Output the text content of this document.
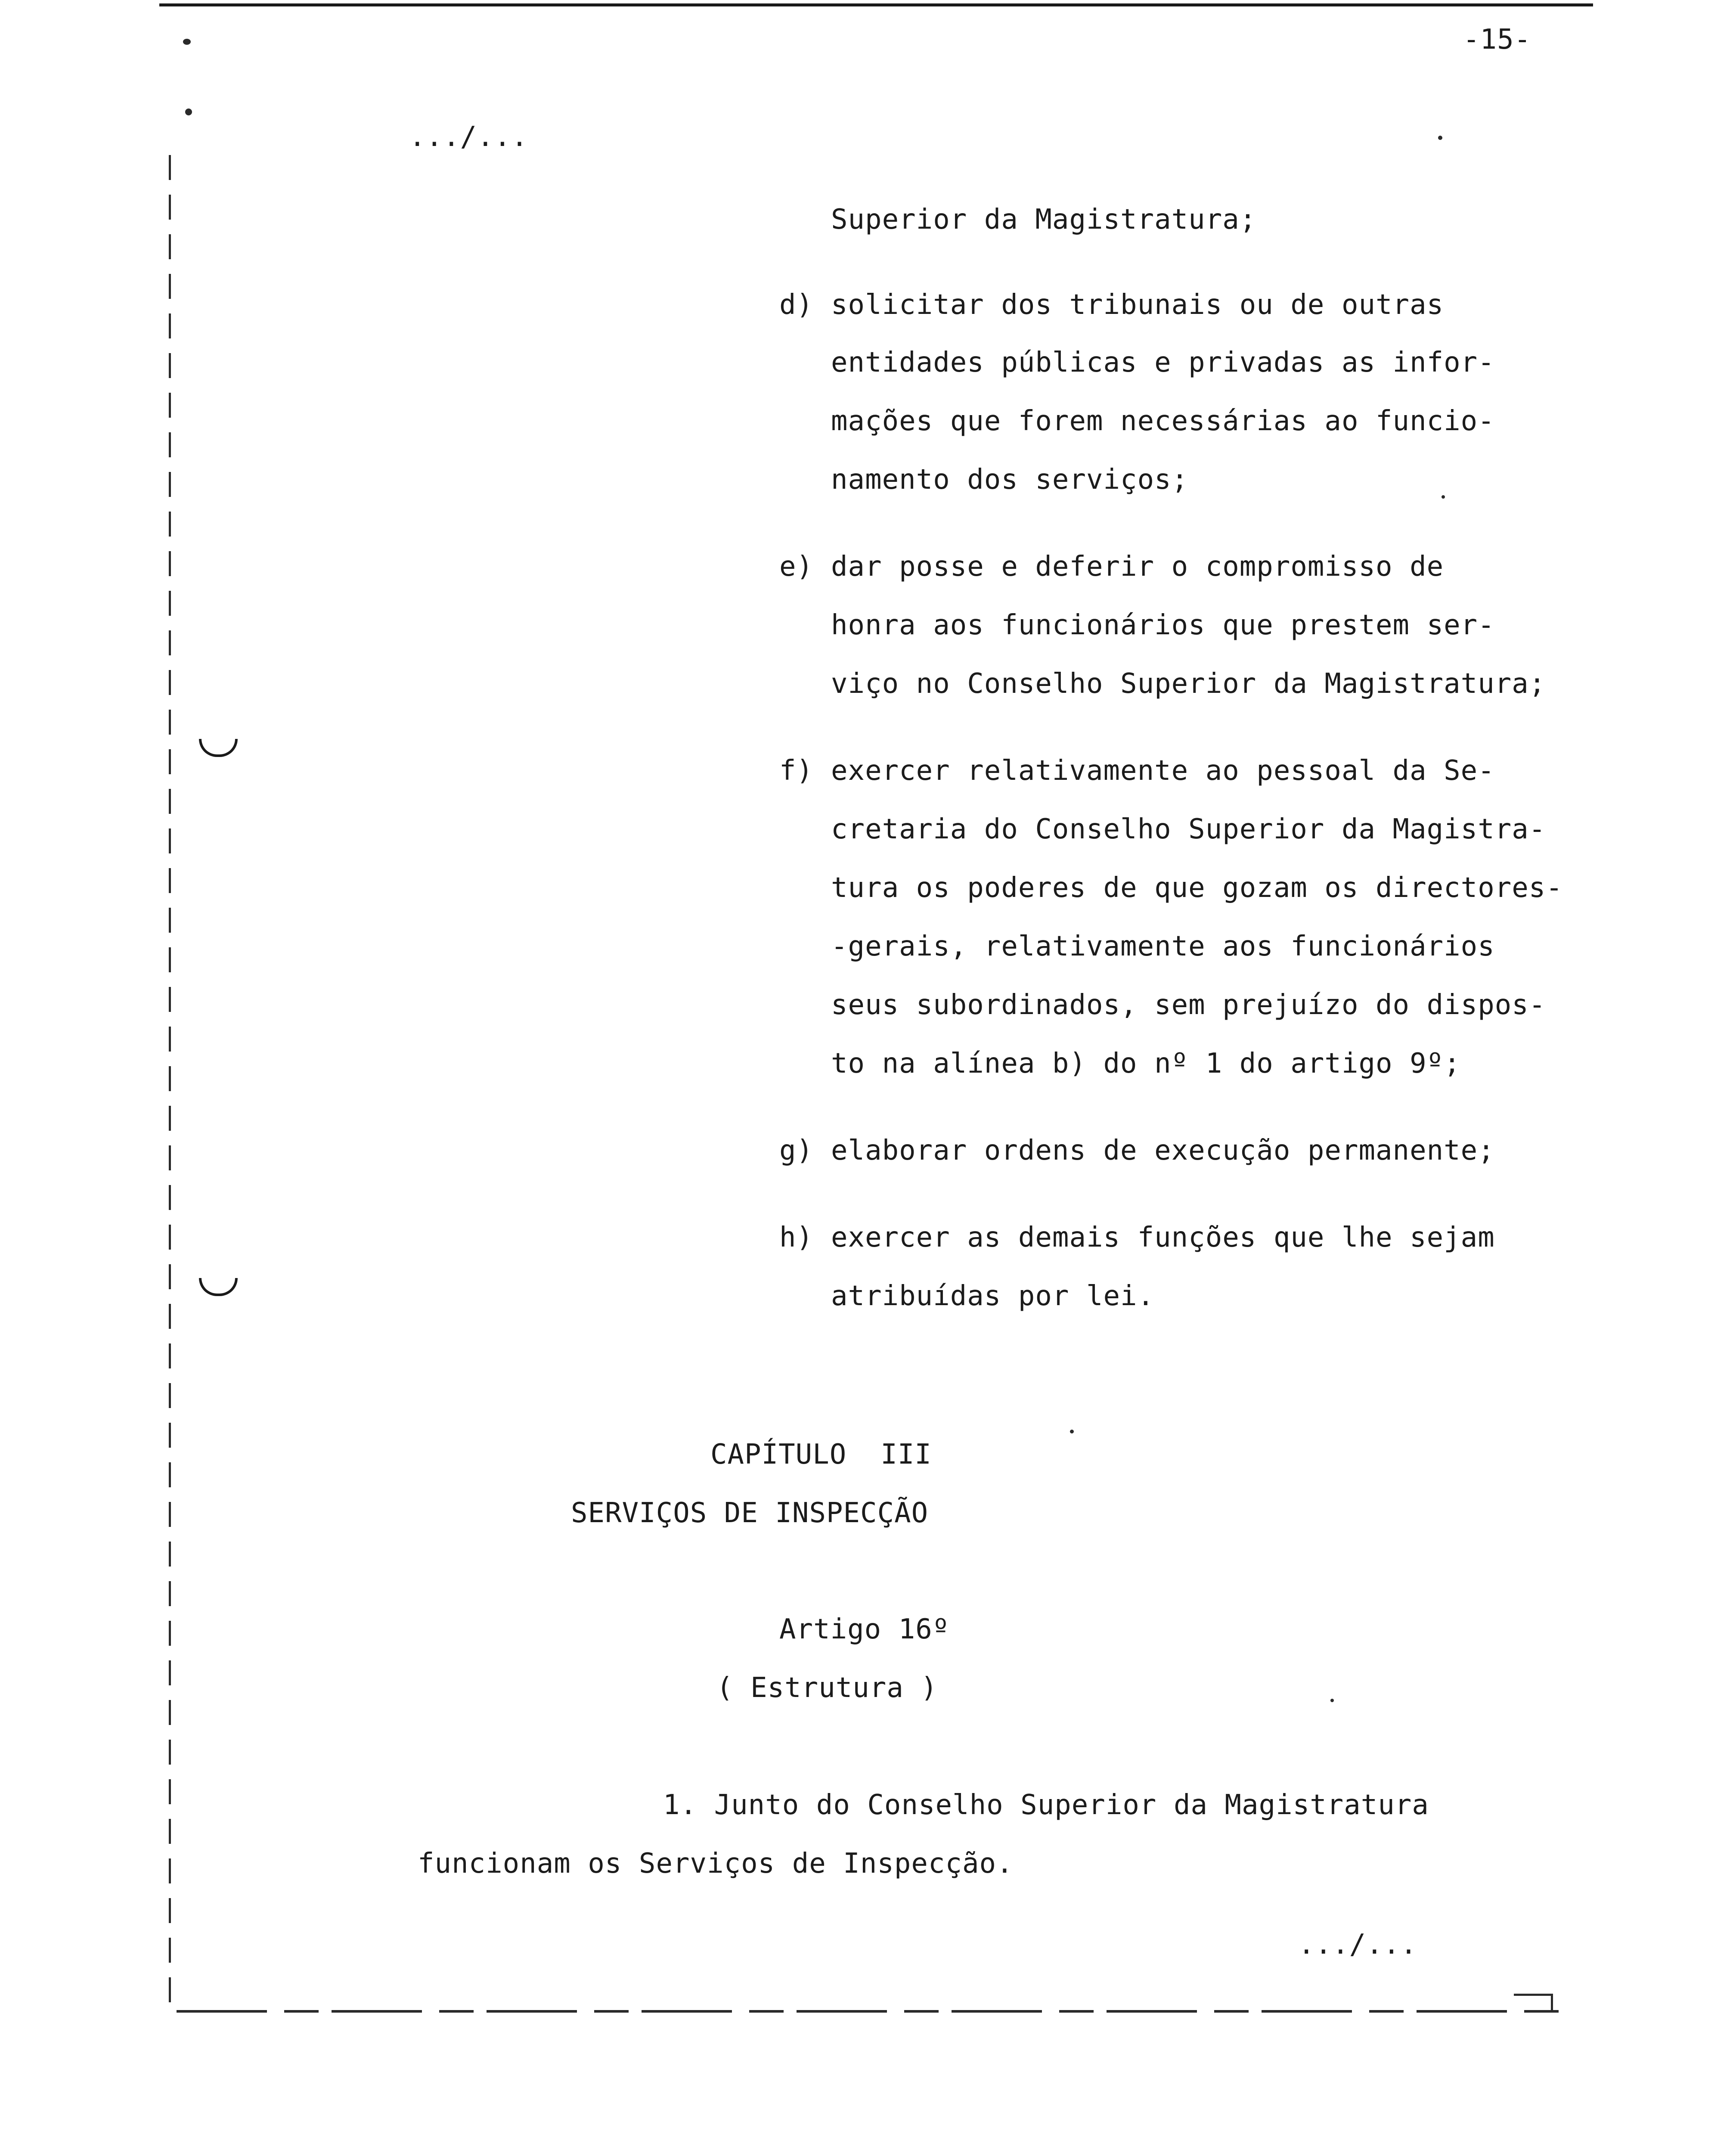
-15-
.../...
Superior da Magistratura;
d) solicitar dos tribunais ou de outras
entidades públicas e privadas as infor-
mações que forem necessárias ao funcio-
namento dos serviços;
e) dar posse e deferir o compromisso de
honra aos funcionários que prestem ser-
viço no Conselho Superior da Magistratura;
f) exercer relativamente ao pessoal da Se-
cretaria do Conselho Superior da Magistra-
tura os poderes de que gozam os directores-
-gerais, relativamente aos funcionários
seus subordinados, sem prejuízo do dispos-
to na alínea b) do nº 1 do artigo 9º;
g) elaborar ordens de execução permanente;
h) exercer as demais funções que lhe sejam
atribuídas por lei.
CAPÍTULO  III
SERVIÇOS DE INSPECÇÃO
Artigo 16º
( Estrutura )
1. Junto do Conselho Superior da Magistratura
funcionam os Serviços de Inspecção.
.../...
